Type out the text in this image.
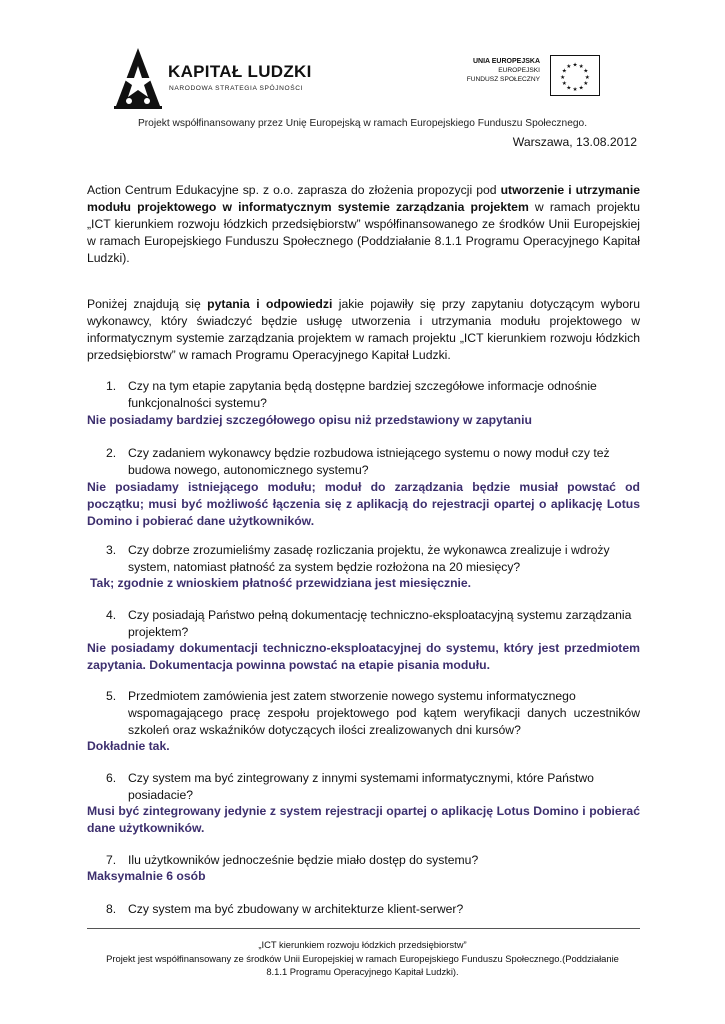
KAPITAŁ LUDZKI
NARODOWA STRATEGIA SPÓJNOŚCI
UNIA EUROPEJSKA
EUROPEJSKI
FUNDUSZ SPOŁECZNY
★ ★
★
★
★
★
★
★
★
★
★
★
Projekt współfinansowany przez Unię Europejską w ramach Europejskiego Funduszu Społecznego.
Warszawa, 13.08.2012
Action Centrum Edukacyjne sp. z o.o. zaprasza do złożenia propozycji pod utworzenie i utrzymanie modułu projektowego w informatycznym systemie zarządzania projektem w ramach projektu „ICT kierunkiem rozwoju łódzkich przedsiębiorstw” współfinansowanego ze środków Unii Europejskiej w ramach Europejskiego Funduszu Społecznego (Poddziałanie 8.1.1 Programu Operacyjnego Kapitał Ludzki).
Poniżej znajdują się pytania i odpowiedzi jakie pojawiły się przy zapytaniu dotyczącym wyboru wykonawcy, który świadczyć będzie usługę utworzenia i utrzymania modułu projektowego w informatycznym systemie zarządzania projektem w ramach projektu „ICT kierunkiem rozwoju łódzkich przedsiębiorstw” w ramach Programu Operacyjnego Kapitał Ludzki.
1. Czy na tym etapie zapytania będą dostępne bardziej szczegółowe informacje odnośnie
funkcjonalności systemu?
Nie posiadamy bardziej szczegółowego opisu niż przedstawiony w zapytaniu
2. Czy zadaniem wykonawcy będzie rozbudowa istniejącego systemu o nowy moduł czy też
budowa nowego, autonomicznego systemu?
Nie posiadamy istniejącego modułu; moduł do zarządzania będzie musiał powstać od początku; musi być możliwość łączenia się z aplikacją do rejestracji opartej o aplikację Lotus Domino i pobierać dane użytkowników.
3. Czy dobrze zrozumieliśmy zasadę rozliczania projektu, że wykonawca zrealizuje i wdroży
system, natomiast płatność za system będzie rozłożona na 20 miesięcy?
Tak; zgodnie z wnioskiem płatność przewidziana jest miesięcznie.
4. Czy posiadają Państwo pełną dokumentację techniczno-eksploatacyjną systemu zarządzania
projektem?
Nie posiadamy dokumentacji techniczno-eksploatacyjnej do systemu, który jest przedmiotem zapytania. Dokumentacja powinna powstać na etapie pisania modułu.
5. Przedmiotem zamówienia jest zatem stworzenie nowego systemu informatycznego
wspomagającego pracę zespołu projektowego pod kątem weryfikacji danych uczestników szkoleń oraz wskaźników dotyczących ilości zrealizowanych dni kursów?
Dokładnie tak.
6. Czy system ma być zintegrowany z innymi systemami informatycznymi, które Państwo
posiadacie?
Musi być zintegrowany jedynie z system rejestracji opartej o aplikację Lotus Domino i pobierać dane użytkowników.
7. Ilu użytkowników jednocześnie będzie miało dostęp do systemu?
Maksymalnie 6 osób
8. Czy system ma być zbudowany w architekturze klient-serwer?
„ICT kierunkiem rozwoju łódzkich przedsiębiorstw”
Projekt jest współfinansowany ze środków Unii Europejskiej w ramach Europejskiego Funduszu Społecznego.(Poddziałanie
8.1.1 Programu Operacyjnego Kapitał Ludzki).
